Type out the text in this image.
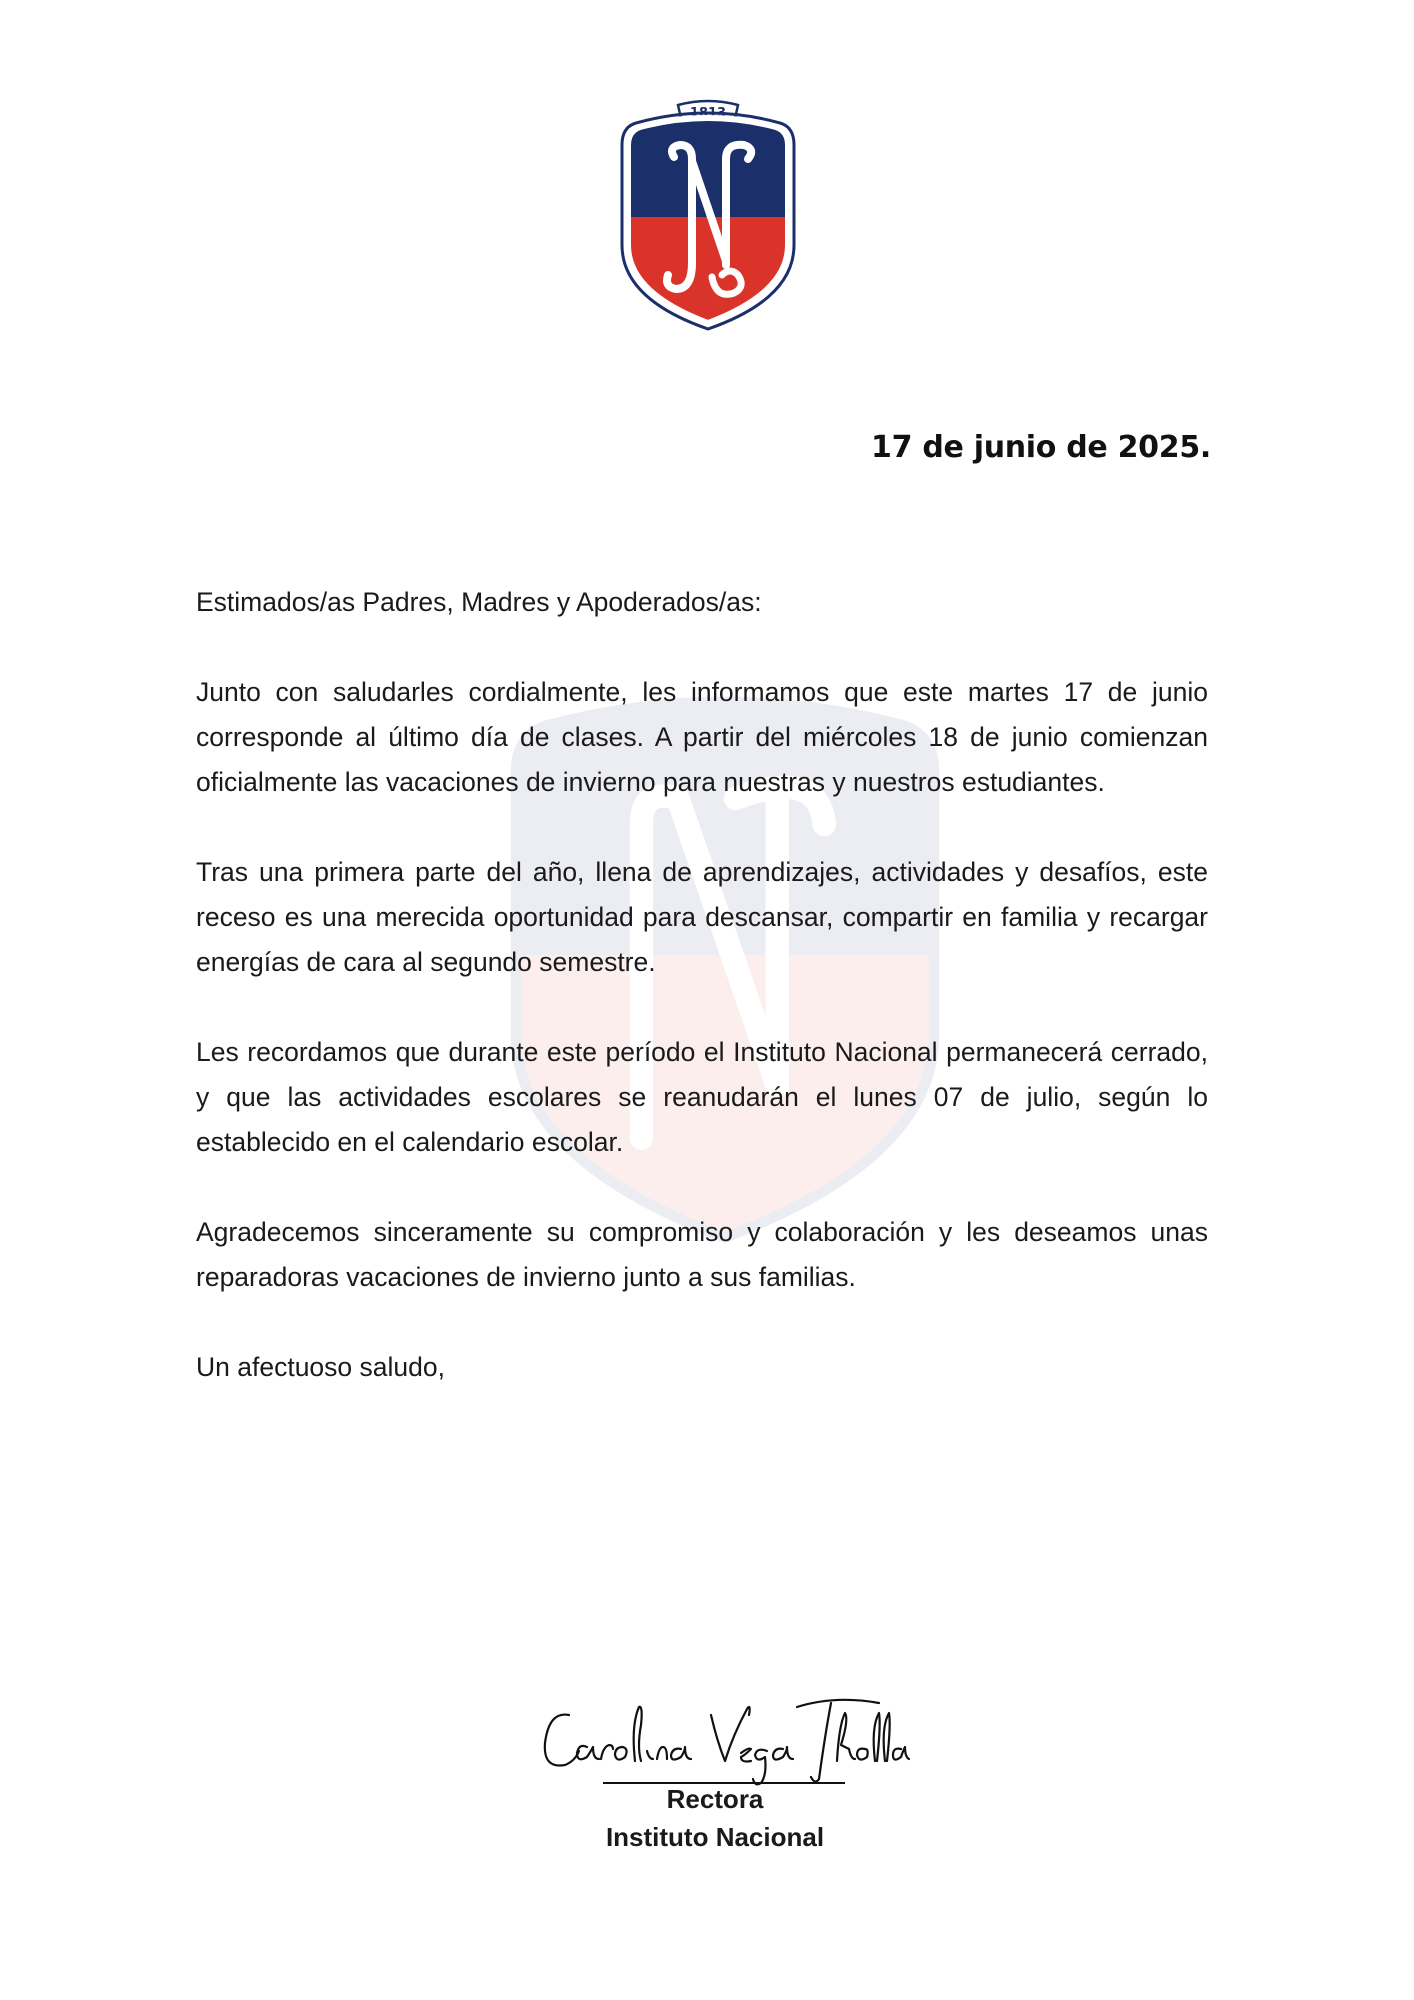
1813
17 de junio de 2025.

Estimados/as Padres, Madres y Apoderados/as:

Junto con saludarles cordialmente, les informamos que este martes 17 de junio corresponde al último día de clases. A partir del miércoles 18 de junio comienzan oficialmente las vacaciones de invierno para nuestras y nuestros estudiantes.

Tras una primera parte del año, llena de aprendizajes, actividades y desafíos, este receso es una merecida oportunidad para descansar, compartir en familia y recargar energías de cara al segundo semestre.

Les recordamos que durante este período el Instituto Nacional permanecerá cerrado, y que las actividades escolares se reanudarán el lunes 07 de julio, según lo establecido en el calendario escolar.

Agradecemos sinceramente su compromiso y colaboración y les deseamos unas reparadoras vacaciones de invierno junto a sus familias.

Un afectuoso saludo,

Carolina Vega Thollander
Rectora
Instituto Nacional
